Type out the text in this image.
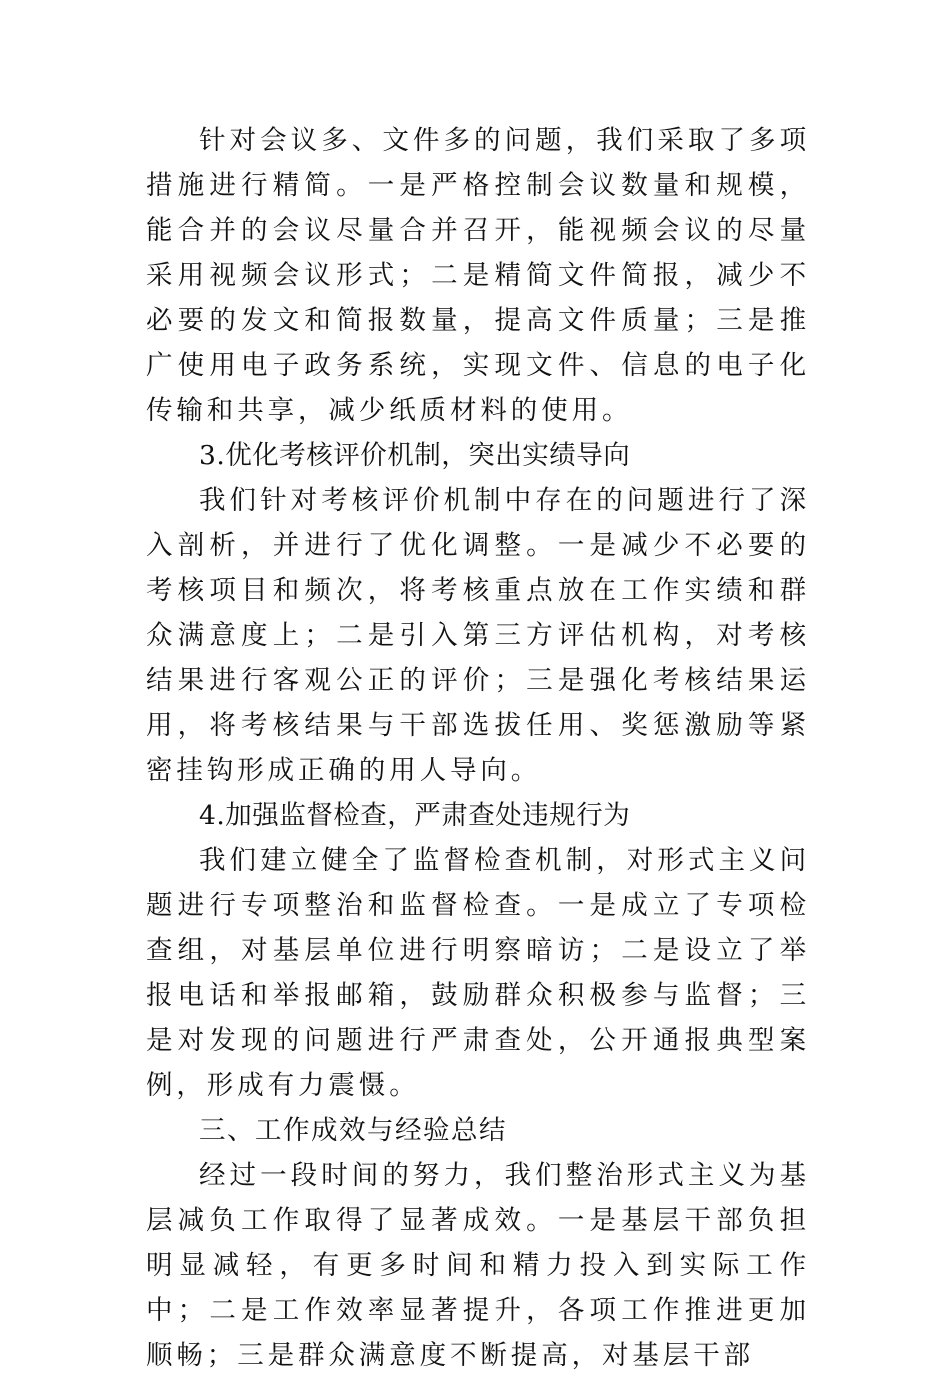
针对会议多、文件多的问题，我们采取了多项措施进行精简。一是严格控制会议数量和规模，能合并的会议尽量合并召开，能视频会议的尽量采用视频会议形式；二是精简文件简报，减少不必要的发文和简报数量，提高文件质量；三是推广使用电子政务系统，实现文件、信息的电子化传输和共享，减少纸质材料的使用。

3.优化考核评价机制，突出实绩导向

我们针对考核评价机制中存在的问题进行了深入剖析，并进行了优化调整。一是减少不必要的考核项目和频次，将考核重点放在工作实绩和群众满意度上；二是引入第三方评估机构，对考核结果进行客观公正的评价；三是强化考核结果运用，将考核结果与干部选拔任用、奖惩激励等紧密挂钩形成正确的用人导向。

4.加强监督检查，严肃查处违规行为

我们建立健全了监督检查机制，对形式主义问题进行专项整治和监督检查。一是成立了专项检查组，对基层单位进行明察暗访；二是设立了举报电话和举报邮箱，鼓励群众积极参与监督；三是对发现的问题进行严肃查处，公开通报典型案例，形成有力震慑。

三、工作成效与经验总结

经过一段时间的努力，我们整治形式主义为基层减负工作取得了显著成效。一是基层干部负担明显减轻，有更多时间和精力投入到实际工作中；二是工作效率显著提升，各项工作推进更加顺畅；三是群众满意度不断提高，对基层干部
